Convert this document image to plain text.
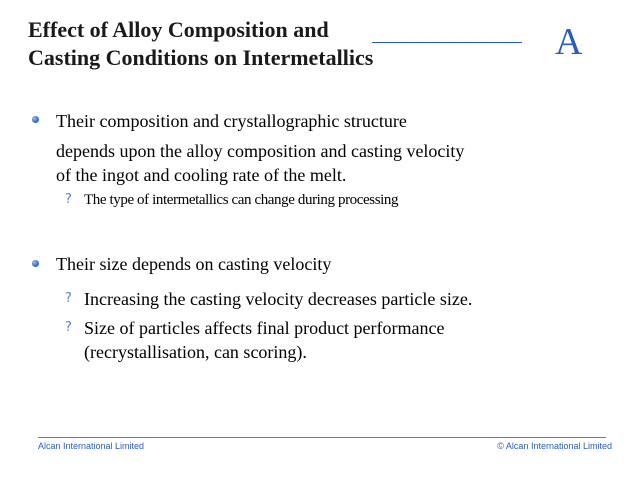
Effect of Alloy Composition and
Casting Conditions on Intermetallics	A
Their composition and crystallographic structure
depends upon the alloy composition and casting velocity
of the ingot and cooling rate of the melt.
? The type of intermetallics can change during processing
Their size depends on casting velocity
? Increasing the casting velocity decreases particle size.
? Size of particles affects final product performance
(recrystallisation, can scoring).
Alcan International Limited	© Alcan International Limited
